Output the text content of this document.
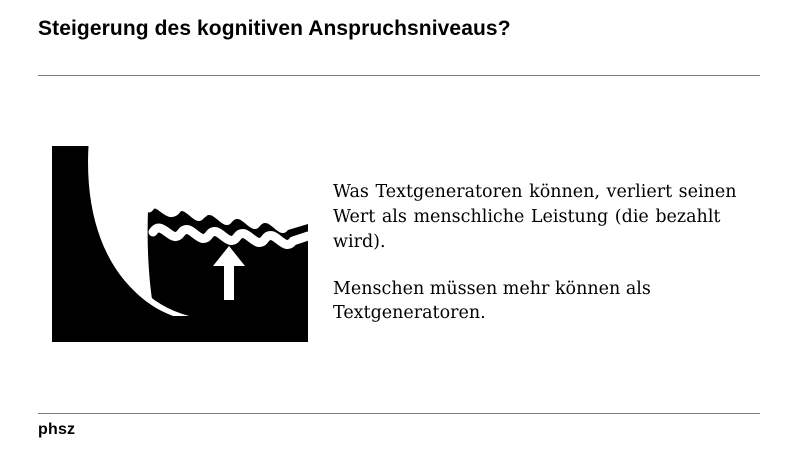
Steigerung des kognitiven Anspruchsniveaus?

Was Textgeneratoren können, verliert seinen Wert als menschliche Leistung (die bezahlt wird).

Menschen müssen mehr können als Textgeneratoren.

phsz
